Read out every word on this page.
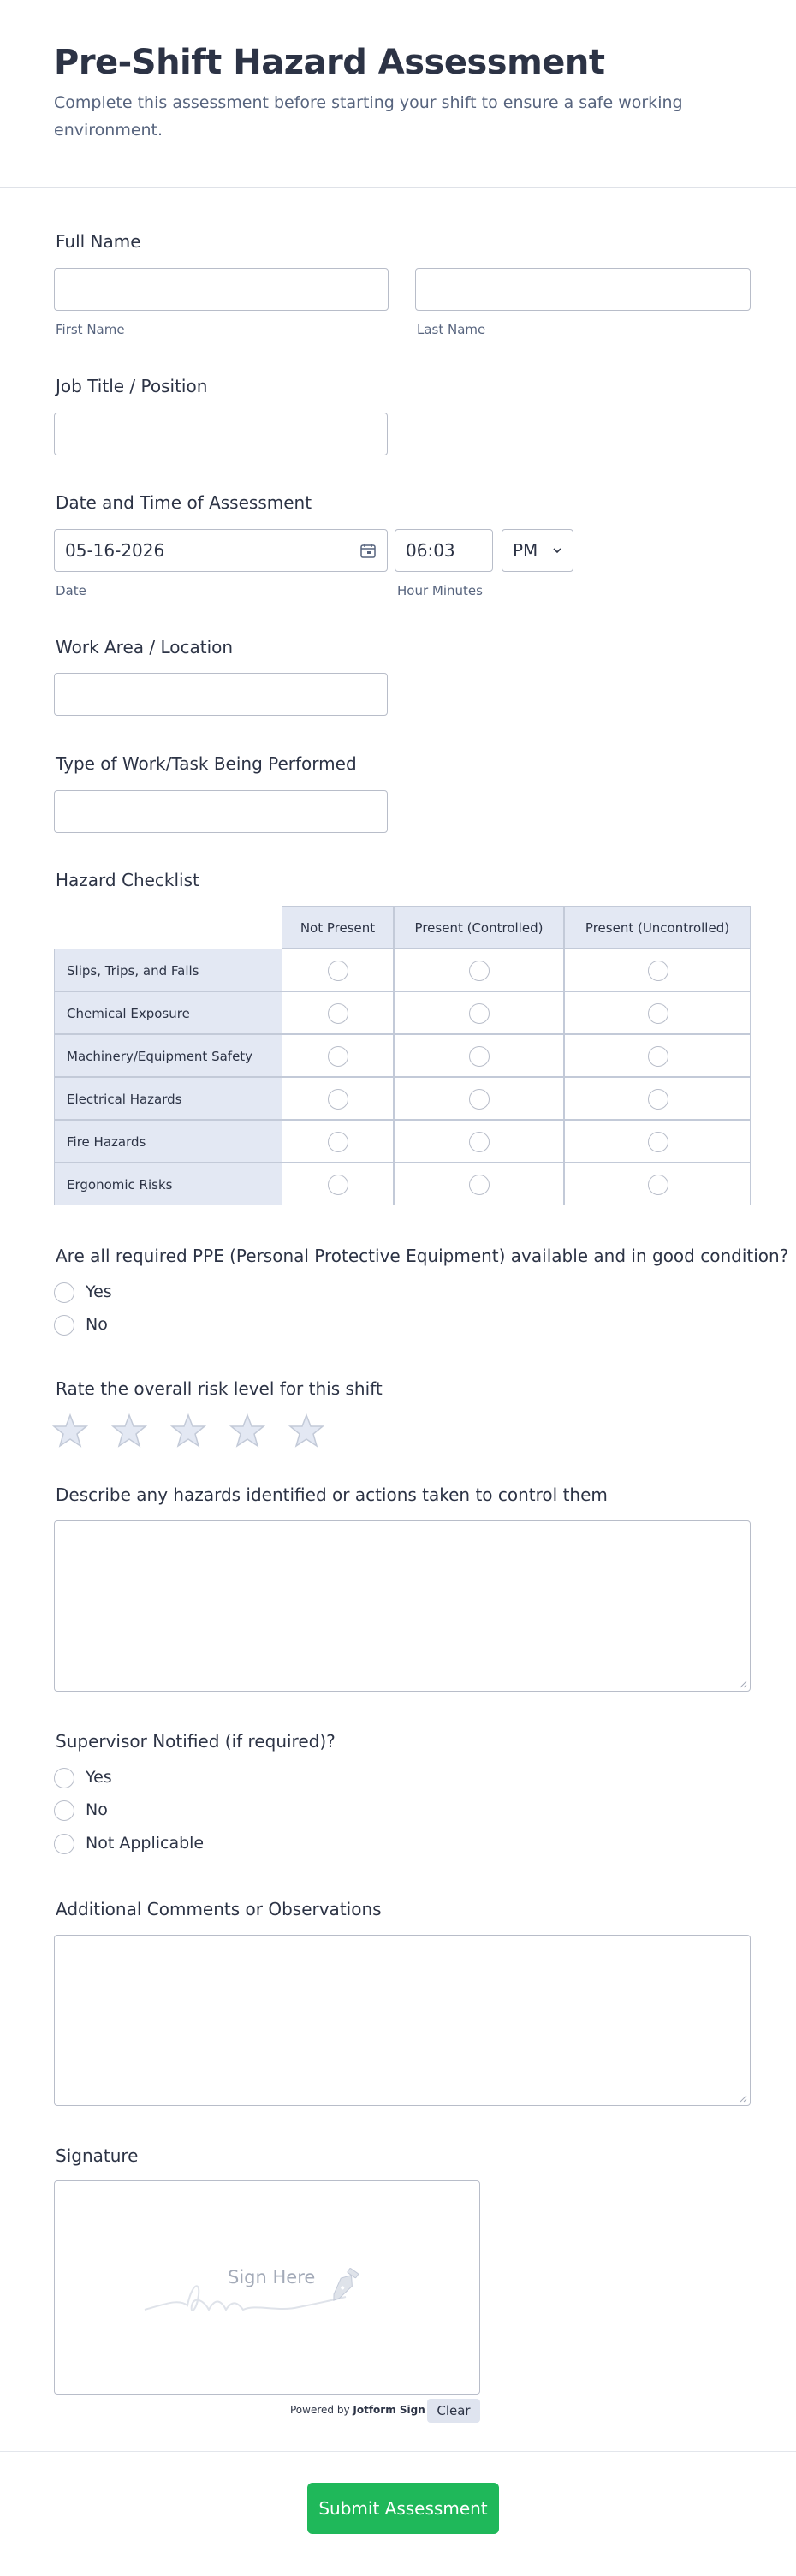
Pre-Shift Hazard Assessment
Complete this assessment before starting your shift to ensure a safe working environment.
Full Name
First Name	Last Name
Job Title / Position
Date and Time of Assessment
05-16-2026	06:03	PM
Date	Hour Minutes
Work Area / Location
Type of Work/Task Being Performed
Hazard Checklist
Not Present	Present (Controlled)	Present (Uncontrolled)
Slips, Trips, and Falls
Chemical Exposure
Machinery/Equipment Safety
Electrical Hazards
Fire Hazards
Ergonomic Risks
Are all required PPE (Personal Protective Equipment) available and in good condition?
Yes
No
Rate the overall risk level for this shift
Describe any hazards identified or actions taken to control them
Supervisor Notified (if required)?
Yes
No
Not Applicable
Additional Comments or Observations
Signature
Sign Here
Powered by Jotform Sign Clear
Submit Assessment
